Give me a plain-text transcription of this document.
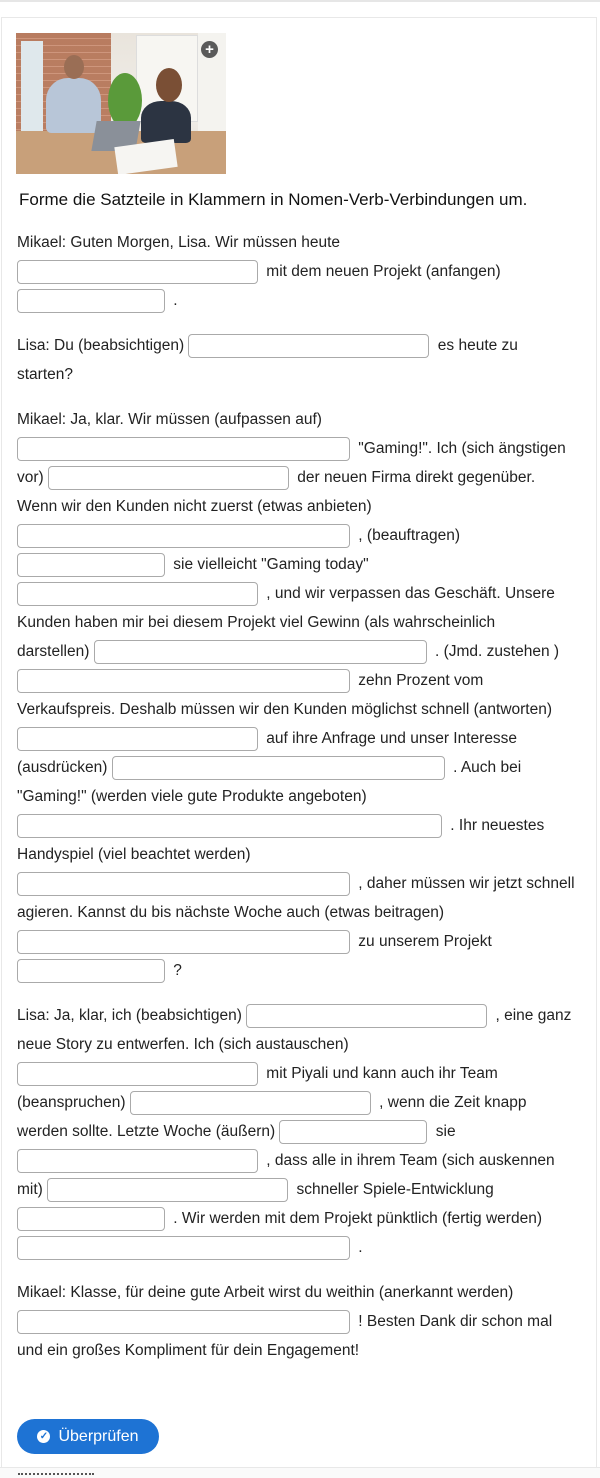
+
Forme die Satzteile in Klammern in Nomen-Verb-Verbindungen um.
Mikael: Guten Morgen, Lisa. Wir müssen heute
mit dem neuen Projekt (anfangen)
.
Lisa: Du (beabsichtigen)	es heute zu
starten?
Mikael: Ja, klar. Wir müssen (aufpassen auf)
"Gaming!". Ich (sich ängstigen
vor)	der neuen Firma direkt gegenüber.
Wenn wir den Kunden nicht zuerst (etwas anbieten)
, (beauftragen)
sie vielleicht "Gaming today"
, und wir verpassen das Geschäft. Unsere
Kunden haben mir bei diesem Projekt viel Gewinn (als wahrscheinlich
darstellen)	. (Jmd. zustehen )
zehn Prozent vom
Verkaufspreis. Deshalb müssen wir den Kunden möglichst schnell (antworten)
auf ihre Anfrage und unser Interesse
(ausdrücken)	. Auch bei
"Gaming!" (werden viele gute Produkte angeboten)
. Ihr neuestes
Handyspiel (viel beachtet werden)
, daher müssen wir jetzt schnell
agieren. Kannst du bis nächste Woche auch (etwas beitragen)
zu unserem Projekt
?
Lisa: Ja, klar, ich (beabsichtigen)	, eine ganz
neue Story zu entwerfen. Ich (sich austauschen)
mit Piyali und kann auch ihr Team
(beanspruchen)	, wenn die Zeit knapp
werden sollte. Letzte Woche (äußern)	sie
, dass alle in ihrem Team (sich auskennen
mit)	schneller Spiele-Entwicklung
. Wir werden mit dem Projekt pünktlich (fertig werden)
.
Mikael: Klasse, für deine gute Arbeit wirst du weithin (anerkannt werden)
! Besten Dank dir schon mal
und ein großes Kompliment für dein Engagement!
✓ Überprüfen
